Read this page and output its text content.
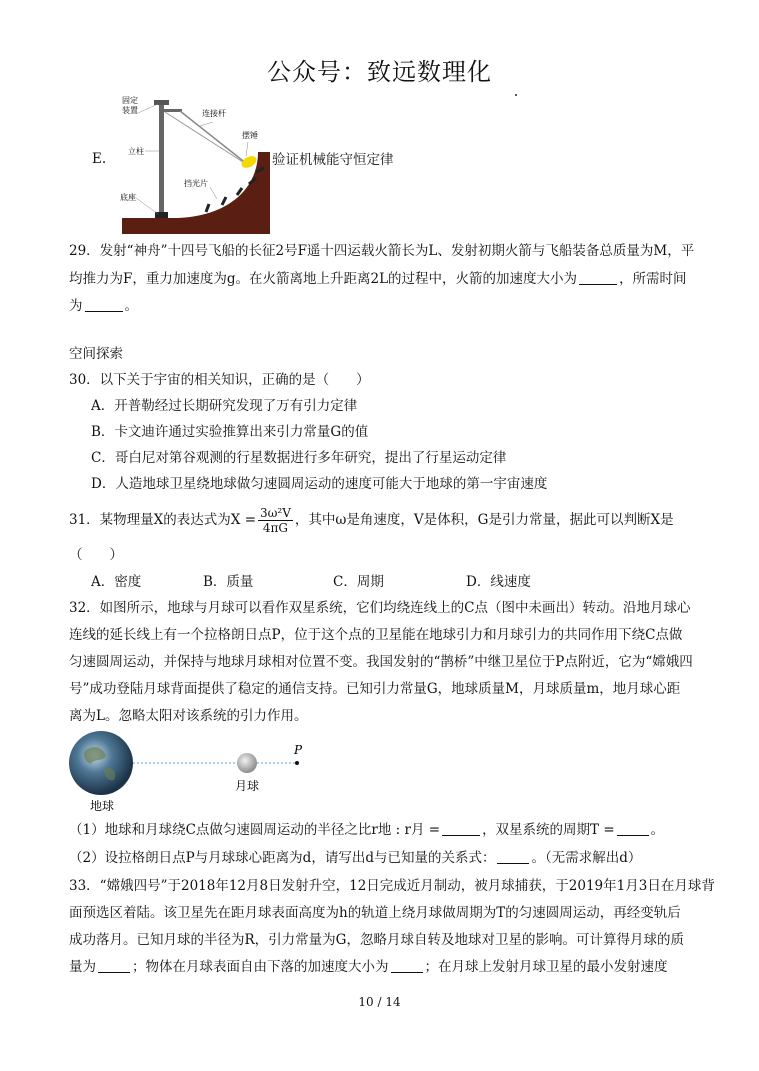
公众号：致远数理化
E.
固定
装置	连接杆
摆锤
立柱
挡光片
底座
验证机械能守恒定律
29．发射“神舟”十四号飞船的长征2号F遥十四运载火箭长为L、发射初期火箭与飞船装备总质量为M，平
均推力为F，重力加速度为g。在火箭离地上升距离2L的过程中，火箭的加速度大小为	，所需时间
为	。
空间探索
30．以下关于宇宙的相关知识，正确的是（　　）
A．开普勒经过长期研究发现了万有引力定律
B．卡文迪许通过实验推算出来引力常量G的值
C．哥白尼对第谷观测的行星数据进行多年研究，提出了行星运动定律
D．人造地球卫星绕地球做匀速圆周运动的速度可能大于地球的第一宇宙速度
31．某物理量X的表达式为$X = \frac{\text{3ω²V}}{4\pi G}$ ，其中ω是角速度，V是体积，G是引力常量，据此可以判断X是
（　　）
A．密度	B．质量	C．周期	D．线速度
32．如图所示，地球与月球可以看作双星系统，它们均绕连线上的C点（图中未画出）转动。沿地月球心
连线的延长线上有一个拉格朗日点P，位于这个点的卫星能在地球引力和月球引力的共同作用下绕C点做
匀速圆周运动，并保持与地球月球相对位置不变。我国发射的“鹊桥”中继卫星位于P点附近，它为“嫦娥四
号”成功登陆月球背面提供了稳定的通信支持。已知引力常量G，地球质量M，月球质量m，地月球心距
离为L。忽略太阳对该系统的引力作用。
P
月球
地球
（1）地球和月球绕C点做匀速圆周运动的半径之比r地 : r月 =	，双星系统的周期T =	。
（2）设拉格朗日点P与月球球心距离为d，请写出d与已知量的关系式：	。（无需求解出d）
33．“嫦娥四号”于2018年12月8日发射升空，12日完成近月制动，被月球捕获，于2019年1月3日在月球背
面预选区着陆。该卫星先在距月球表面高度为h的轨道上绕月球做周期为T的匀速圆周运动，再经变轨后
成功落月。已知月球的半径为R，引力常量为G，忽略月球自转及地球对卫星的影响。可计算得月球的质
量为	；物体在月球表面自由下落的加速度大小为	；在月球上发射月球卫星的最小发射速度
10 / 14
